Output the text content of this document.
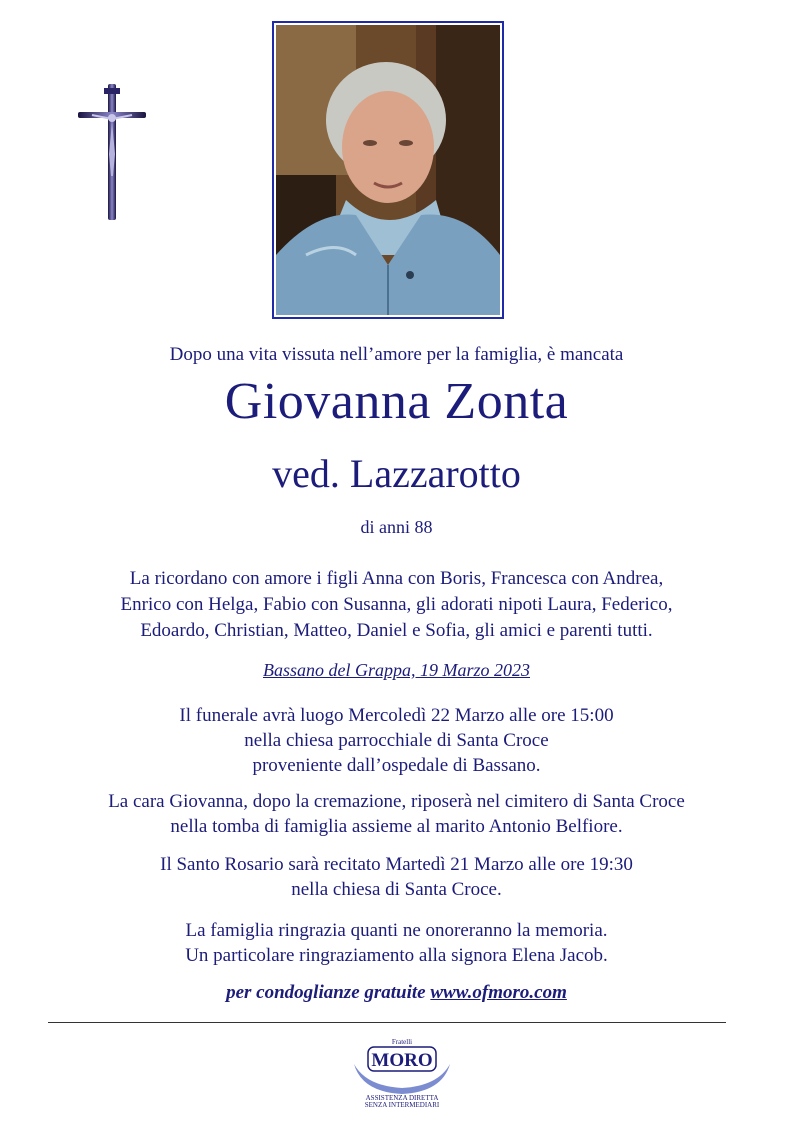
Dopo una vita vissuta nell’amore per la famiglia, è mancata
Giovanna Zonta
ved. Lazzarotto
di anni 88
La ricordano con amore i figli Anna con Boris, Francesca con Andrea,
Enrico con Helga, Fabio con Susanna, gli adorati nipoti Laura, Federico,
Edoardo, Christian, Matteo, Daniel e Sofia, gli amici e parenti tutti.
Bassano del Grappa, 19 Marzo 2023
Il funerale avrà luogo Mercoledì 22 Marzo alle ore 15:00
nella chiesa parrocchiale di Santa Croce
proveniente dall’ospedale di Bassano.
La cara Giovanna, dopo la cremazione, riposerà nel cimitero di Santa Croce
nella tomba di famiglia assieme al marito Antonio Belfiore.
Il Santo Rosario sarà recitato Martedì 21 Marzo alle ore 19:30
nella chiesa di Santa Croce.
La famiglia ringrazia quanti ne onoreranno la memoria.
Un particolare ringraziamento alla signora Elena Jacob.
per condoglianze gratuite www.ofmoro.com
Fratelli
MORO
ASSISTENZA DIRETTA
SENZA INTERMEDIARI
